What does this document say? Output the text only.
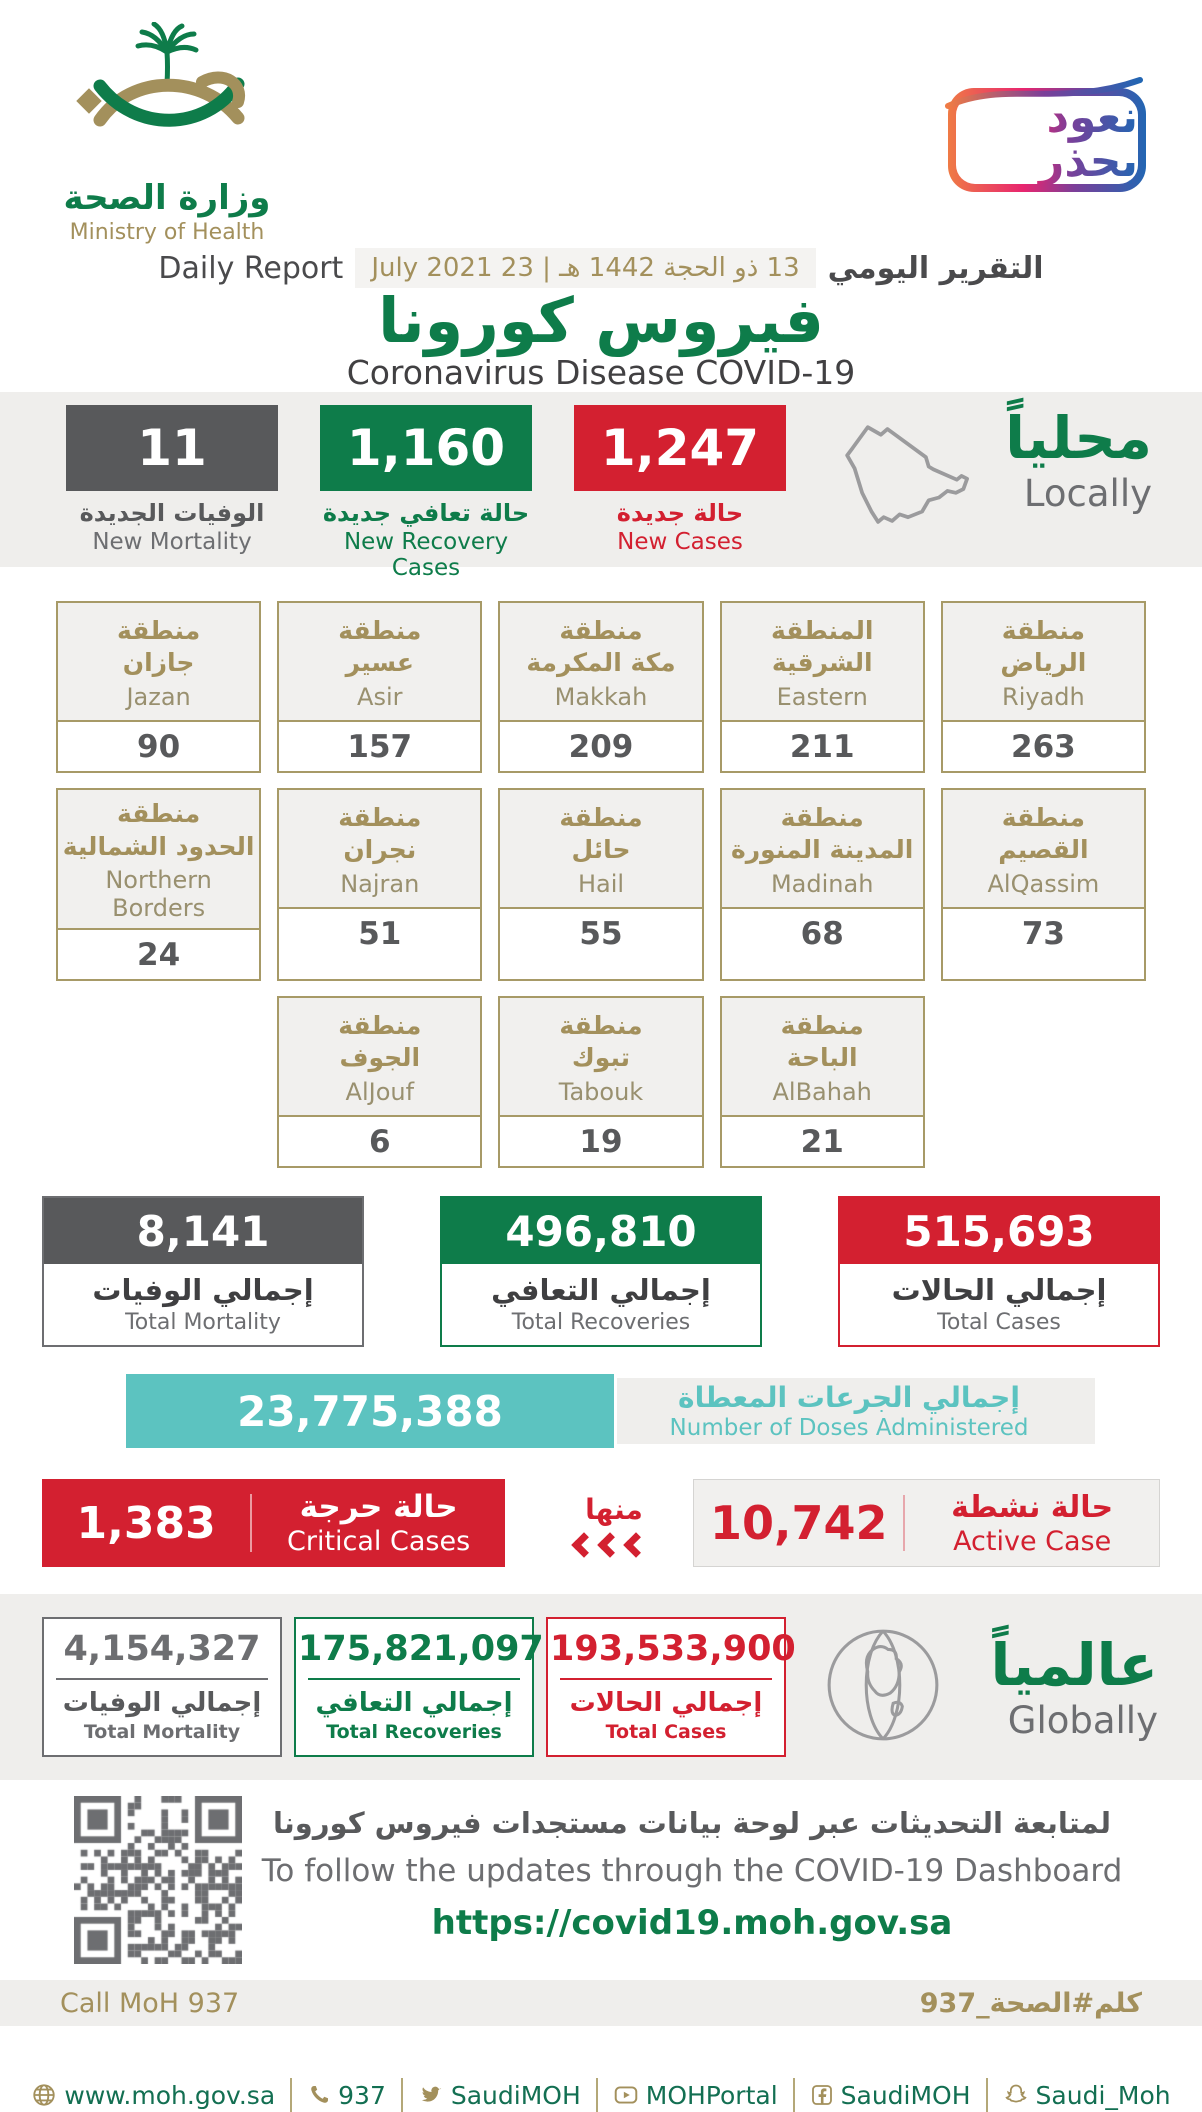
وزارة الصحة
Ministry of Health
نعود بحذر
التقرير اليومي
13 ذو الحجة 1442 هـ | 23 July 2021
Daily Report
فيروس كورونا
Coronavirus Disease COVID-19
11
الوفيات الجديدة
New Mortality
1,160
حالة تعافي جديدة
New Recovery Cases
1,247
حالة جديدة
New Cases
محلياً
Locally
منطقة
جازان
Jazan
90
منطقة
عسير
Asir
157
منطقة
مكة المكرمة
Makkah
209
المنطقة
الشرقية
Eastern
211
منطقة
الرياض
Riyadh
263
منطقة
الحدود الشمالية
Northern Borders
24
منطقة
نجران
Najran
51
منطقة
حائل
Hail
55
منطقة
المدينة المنورة
Madinah
68
منطقة
القصيم
AlQassim
73
منطقة
الجوف
AlJouf
6
منطقة
تبوك
Tabouk
19
منطقة
الباحة
AlBahah
21
8,141
إجمالي الوفيات
Total Mortality
496,810
إجمالي التعافي
Total Recoveries
515,693
إجمالي الحالات
Total Cases
23,775,388	إجمالي الجرعات المعطاة
Number of Doses Administered
1,383	حالة حرجة
Critical Cases
منها	10,742	حالة نشطة
Active Case
4,154,327
إجمالي الوفيات
Total Mortality
175,821,097
إجمالي التعافي
Total Recoveries
193,533,900
إجمالي الحالات
Total Cases
عالمياً
Globally
لمتابعة التحديثات عبر لوحة بيانات مستجدات فيروس كورونا
To follow the updates through the COVID-19 Dashboard
https://covid19.moh.gov.sa
Call MoH 937	كلم#الصحة_937
www.moh.gov.sa	937	SaudiMOH	MOHPortal	SaudiMOH	Saudi_Moh
